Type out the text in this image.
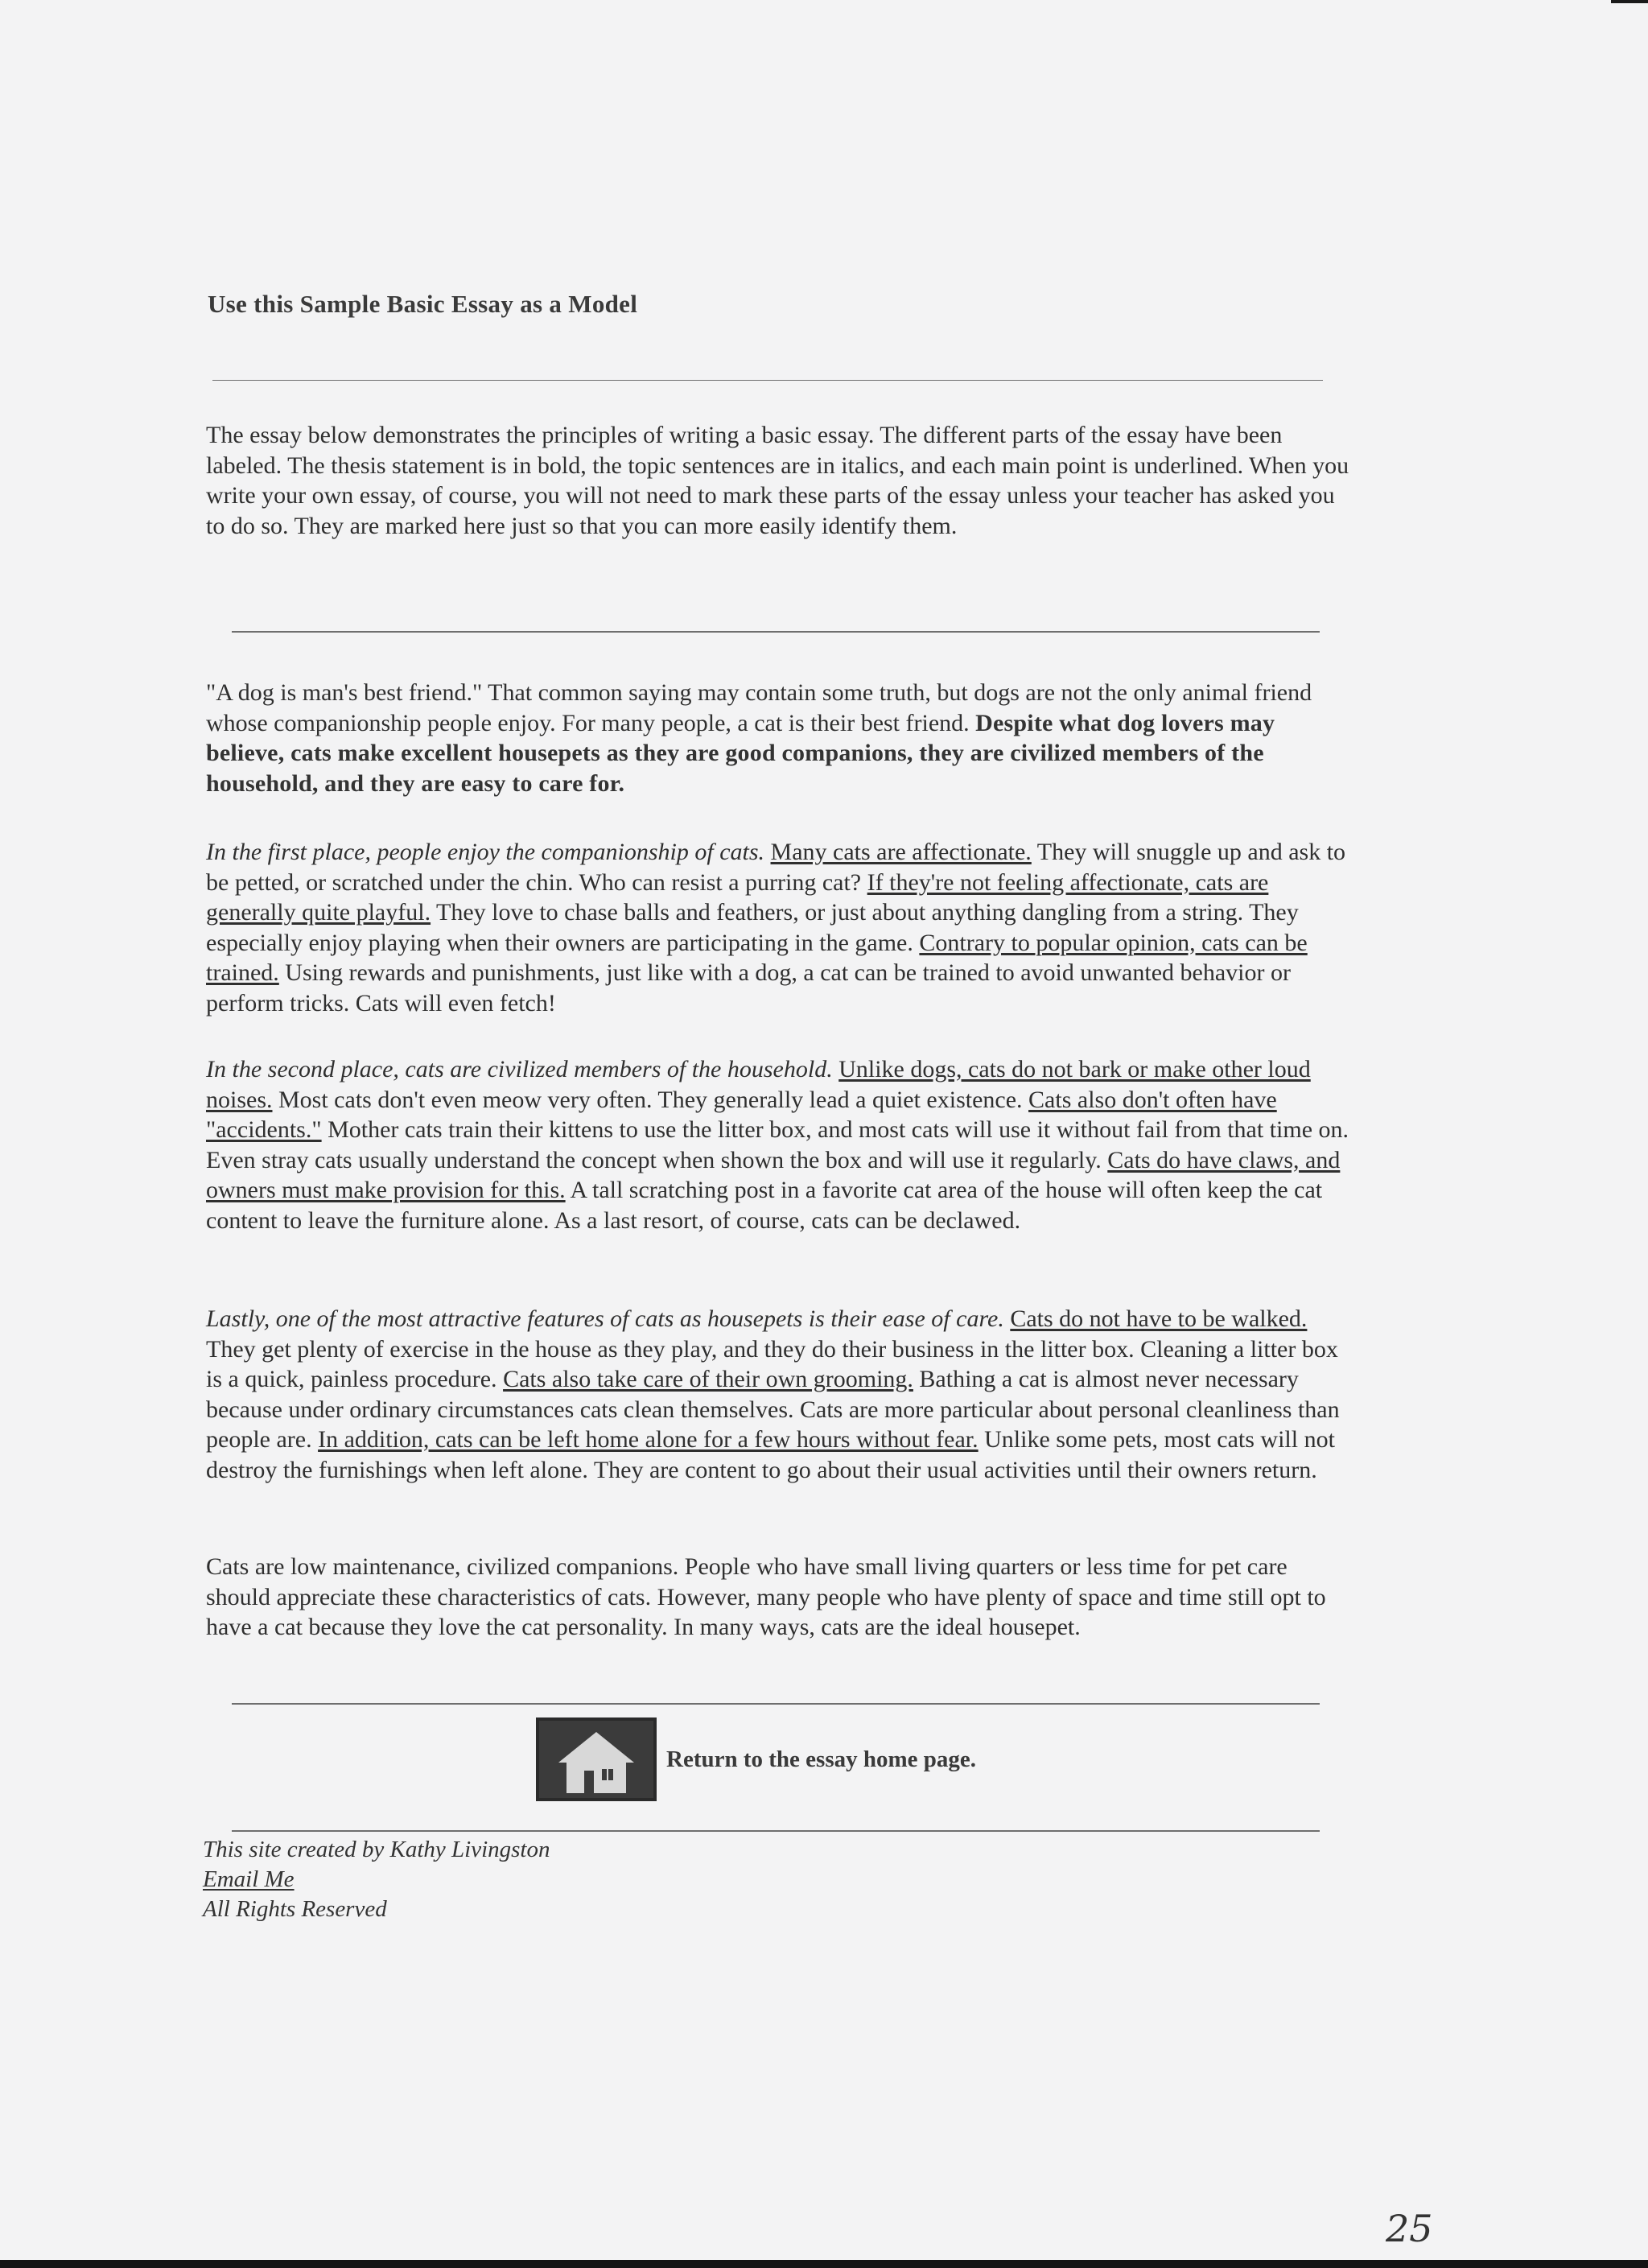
Use this Sample Basic Essay as a Model

The essay below demonstrates the principles of writing a basic essay. The different parts of the essay have been labeled. The thesis statement is in bold, the topic sentences are in italics, and each main point is underlined. When you write your own essay, of course, you will not need to mark these parts of the essay unless your teacher has asked you to do so. They are marked here just so that you can more easily identify them.

"A dog is man's best friend." That common saying may contain some truth, but dogs are not the only animal friend whose companionship people enjoy. For many people, a cat is their best friend. Despite what dog lovers may believe, cats make excellent housepets as they are good companions, they are civilized members of the household, and they are easy to care for.

In the first place, people enjoy the companionship of cats. Many cats are affectionate. They will snuggle up and ask to be petted, or scratched under the chin. Who can resist a purring cat? If they're not feeling affectionate, cats are generally quite playful. They love to chase balls and feathers, or just about anything dangling from a string. They especially enjoy playing when their owners are participating in the game. Contrary to popular opinion, cats can be trained. Using rewards and punishments, just like with a dog, a cat can be trained to avoid unwanted behavior or perform tricks. Cats will even fetch!

In the second place, cats are civilized members of the household. Unlike dogs, cats do not bark or make other loud noises. Most cats don't even meow very often. They generally lead a quiet existence. Cats also don't often have "accidents." Mother cats train their kittens to use the litter box, and most cats will use it without fail from that time on. Even stray cats usually understand the concept when shown the box and will use it regularly. Cats do have claws, and owners must make provision for this. A tall scratching post in a favorite cat area of the house will often keep the cat content to leave the furniture alone. As a last resort, of course, cats can be declawed.

Lastly, one of the most attractive features of cats as housepets is their ease of care. Cats do not have to be walked. They get plenty of exercise in the house as they play, and they do their business in the litter box. Cleaning a litter box is a quick, painless procedure. Cats also take care of their own grooming. Bathing a cat is almost never necessary because under ordinary circumstances cats clean themselves. Cats are more particular about personal cleanliness than people are. In addition, cats can be left home alone for a few hours without fear. Unlike some pets, most cats will not destroy the furnishings when left alone. They are content to go about their usual activities until their owners return.

Cats are low maintenance, civilized companions. People who have small living quarters or less time for pet care should appreciate these characteristics of cats. However, many people who have plenty of space and time still opt to have a cat because they love the cat personality. In many ways, cats are the ideal housepet.

Return to the essay home page.
This site created by Kathy Livingston
Email Me
All Rights Reserved
25
